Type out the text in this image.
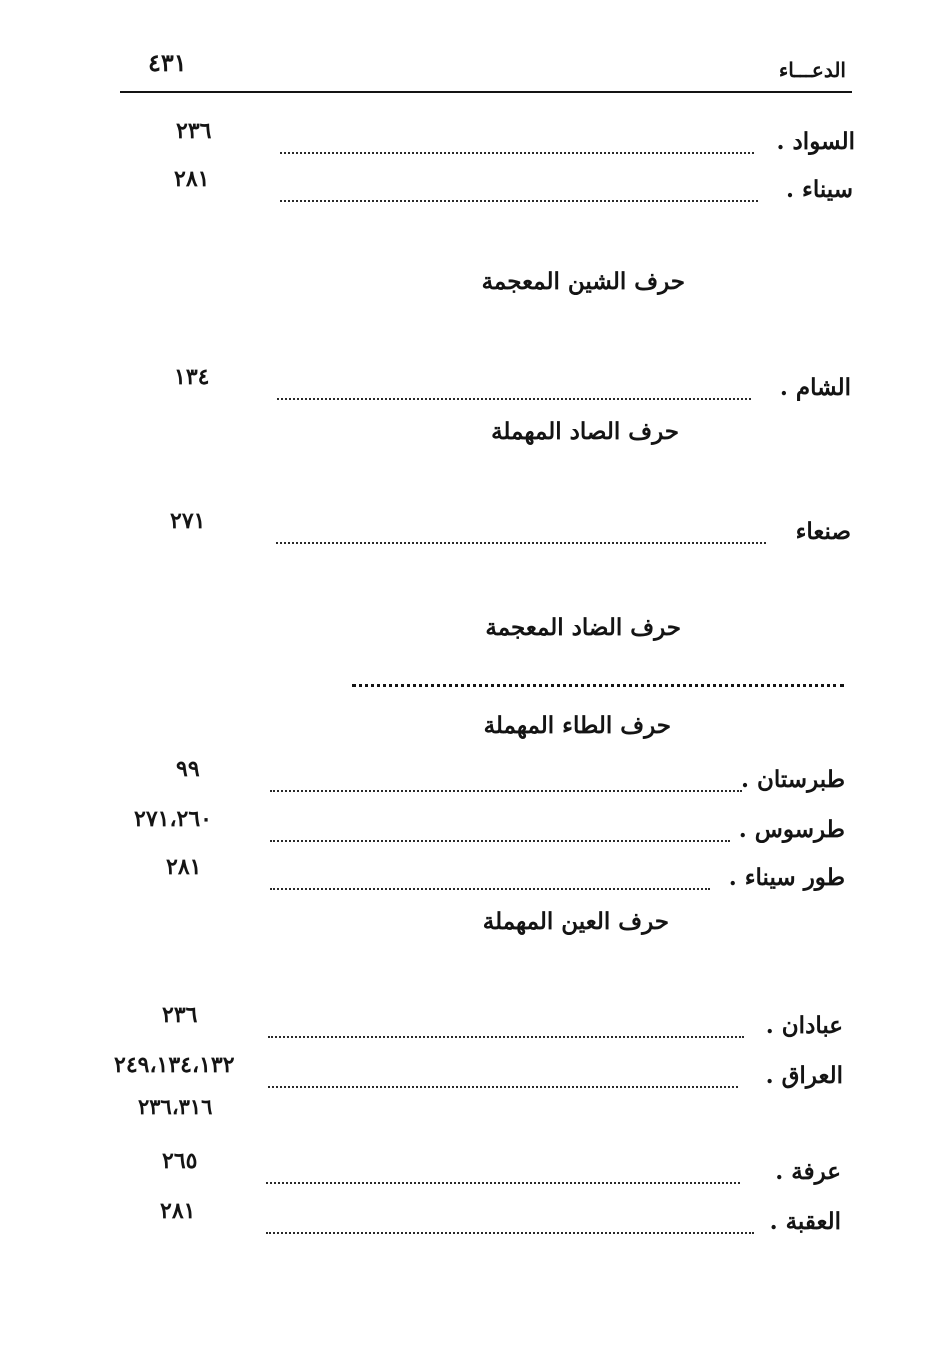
الدعـــاء
٤٣١
السواد .
٢٣٦
سيناء .
٢٨١
حرف الشين المعجمة
الشام .
١٣٤
حرف الصاد المهملة
صنعاء
٢٧١
حرف الضاد المعجمة
حرف الطاء المهملة
طبرستان .
٩٩
طرسوس .
٢٧١،٢٦٠
طور سيناء .
٢٨١
حرف العين المهملة
عبادان .
٢٣٦
العراق .
٢٤٩،١٣٤،١٣٢
٢٣٦،٣١٦
عرفة .
٢٦٥
العقبة .
٢٨١
